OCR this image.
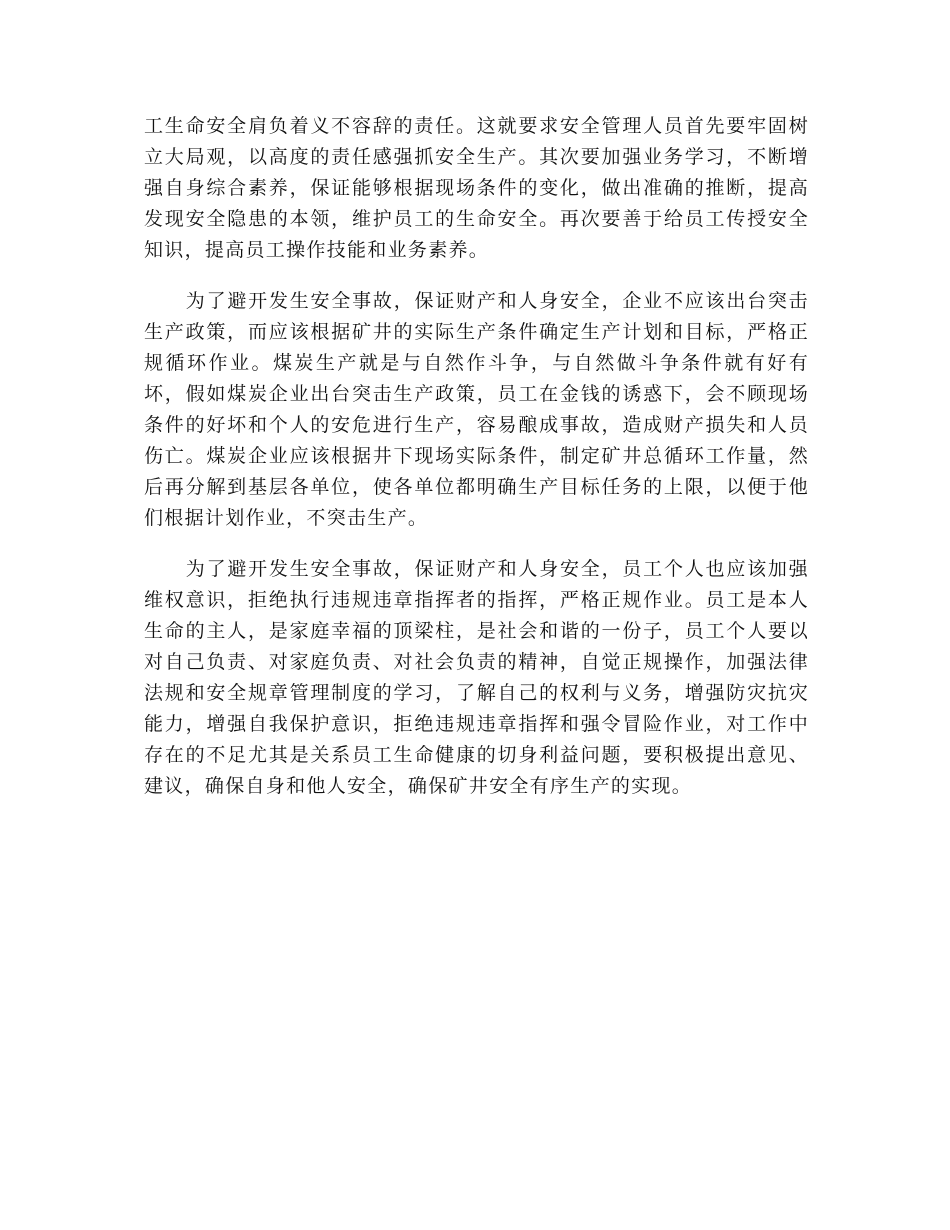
工生命安全肩负着义不容辞的责任。这就要求安全管理人员首先要牢固树立大局观，以高度的责任感强抓安全生产。其次要加强业务学习，不断增强自身综合素养，保证能够根据现场条件的变化，做出准确的推断，提高发现安全隐患的本领，维护员工的生命安全。再次要善于给员工传授安全知识，提高员工操作技能和业务素养。

为了避开发生安全事故，保证财产和人身安全，企业不应该出台突击生产政策，而应该根据矿井的实际生产条件确定生产计划和目标，严格正规循环作业。煤炭生产就是与自然作斗争，与自然做斗争条件就有好有坏，假如煤炭企业出台突击生产政策，员工在金钱的诱惑下，会不顾现场条件的好坏和个人的安危进行生产，容易酿成事故，造成财产损失和人员伤亡。煤炭企业应该根据井下现场实际条件，制定矿井总循环工作量，然后再分解到基层各单位，使各单位都明确生产目标任务的上限，以便于他们根据计划作业，不突击生产。

为了避开发生安全事故，保证财产和人身安全，员工个人也应该加强维权意识，拒绝执行违规违章指挥者的指挥，严格正规作业。员工是本人生命的主人，是家庭幸福的顶梁柱，是社会和谐的一份子，员工个人要以对自己负责、对家庭负责、对社会负责的精神，自觉正规操作，加强法律法规和安全规章管理制度的学习，了解自己的权利与义务，增强防灾抗灾能力，增强自我保护意识，拒绝违规违章指挥和强令冒险作业，对工作中存在的不足尤其是关系员工生命健康的切身利益问题，要积极提出意见、建议，确保自身和他人安全，确保矿井安全有序生产的实现。
